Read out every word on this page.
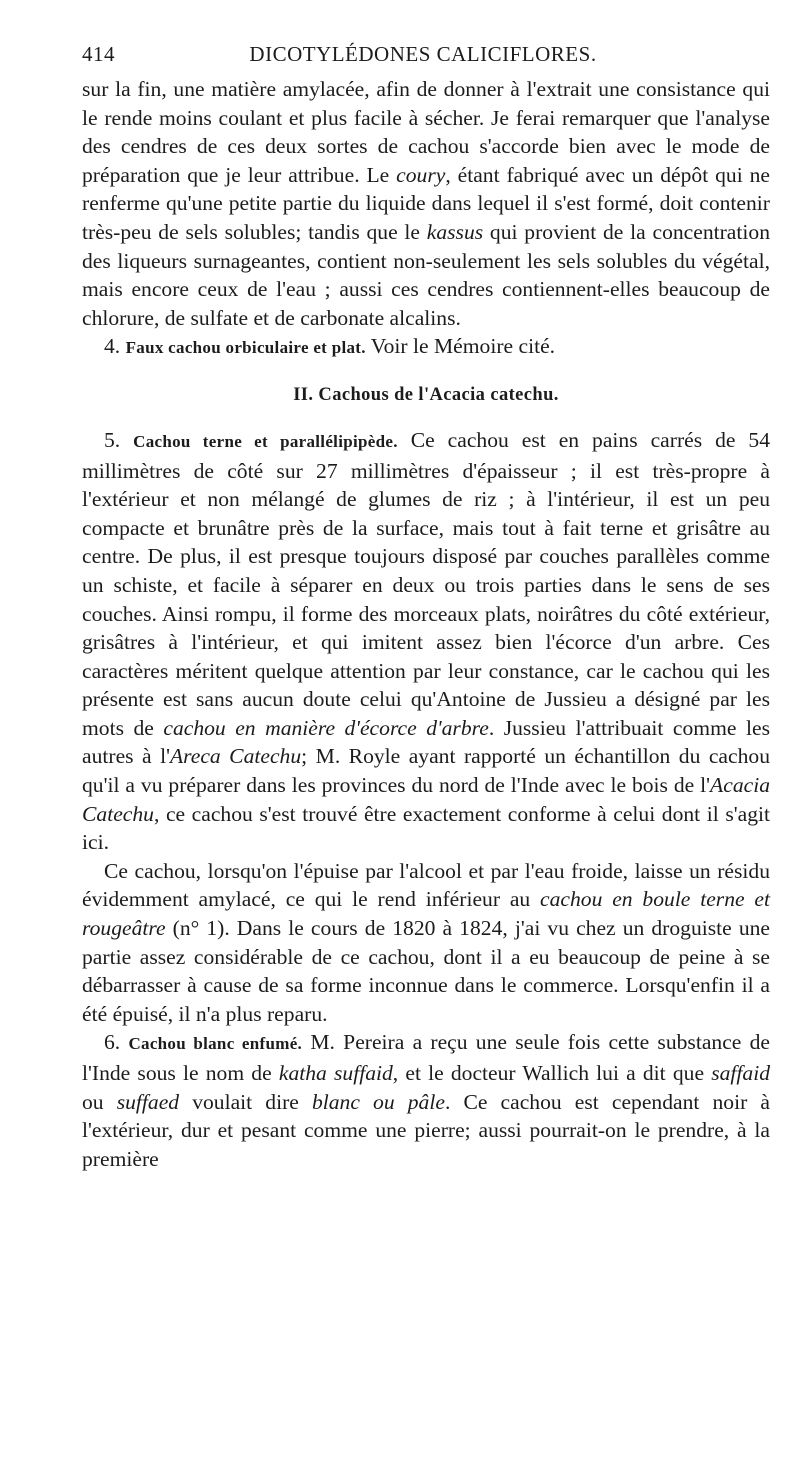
414	DICOTYLÉDONES CALICIFLORES.

sur la fin, une matière amylacée, afin de donner à l'extrait une consistance qui le rende moins coulant et plus facile à sécher. Je ferai remarquer que l'analyse des cendres de ces deux sortes de cachou s'accorde bien avec le mode de préparation que je leur attribue. Le coury, étant fabriqué avec un dépôt qui ne renferme qu'une petite partie du liquide dans lequel il s'est formé, doit contenir très-peu de sels solubles; tandis que le kassus qui provient de la concentration des liqueurs surnageantes, contient non-seulement les sels solubles du végétal, mais encore ceux de l'eau ; aussi ces cendres contiennent-elles beaucoup de chlorure, de sulfate et de carbonate alcalins.

4. Faux cachou orbiculaire et plat. Voir le Mémoire cité.

II. Cachous de l'Acacia catechu.

5. Cachou terne et parallélipipède. Ce cachou est en pains carrés de 54 millimètres de côté sur 27 millimètres d'épaisseur ; il est très-propre à l'extérieur et non mélangé de glumes de riz ; à l'intérieur, il est un peu compacte et brunâtre près de la surface, mais tout à fait terne et grisâtre au centre. De plus, il est presque toujours disposé par couches parallèles comme un schiste, et facile à séparer en deux ou trois parties dans le sens de ses couches. Ainsi rompu, il forme des morceaux plats, noirâtres du côté extérieur, grisâtres à l'intérieur, et qui imitent assez bien l'écorce d'un arbre. Ces caractères méritent quelque attention par leur constance, car le cachou qui les présente est sans aucun doute celui qu'Antoine de Jussieu a désigné par les mots de cachou en manière d'écorce d'arbre. Jussieu l'attribuait comme les autres à l'Areca Catechu; M. Royle ayant rapporté un échantillon du cachou qu'il a vu préparer dans les provinces du nord de l'Inde avec le bois de l'Acacia Catechu, ce cachou s'est trouvé être exactement conforme à celui dont il s'agit ici.

Ce cachou, lorsqu'on l'épuise par l'alcool et par l'eau froide, laisse un résidu évidemment amylacé, ce qui le rend inférieur au cachou en boule terne et rougeâtre (n° 1). Dans le cours de 1820 à 1824, j'ai vu chez un droguiste une partie assez considérable de ce cachou, dont il a eu beaucoup de peine à se débarrasser à cause de sa forme inconnue dans le commerce. Lorsqu'enfin il a été épuisé, il n'a plus reparu.

6. Cachou blanc enfumé. M. Pereira a reçu une seule fois cette substance de l'Inde sous le nom de katha suffaid, et le docteur Wallich lui a dit que saffaid ou suffaed voulait dire blanc ou pâle. Ce cachou est cependant noir à l'extérieur, dur et pesant comme une pierre; aussi pourrait-on le prendre, à la première
